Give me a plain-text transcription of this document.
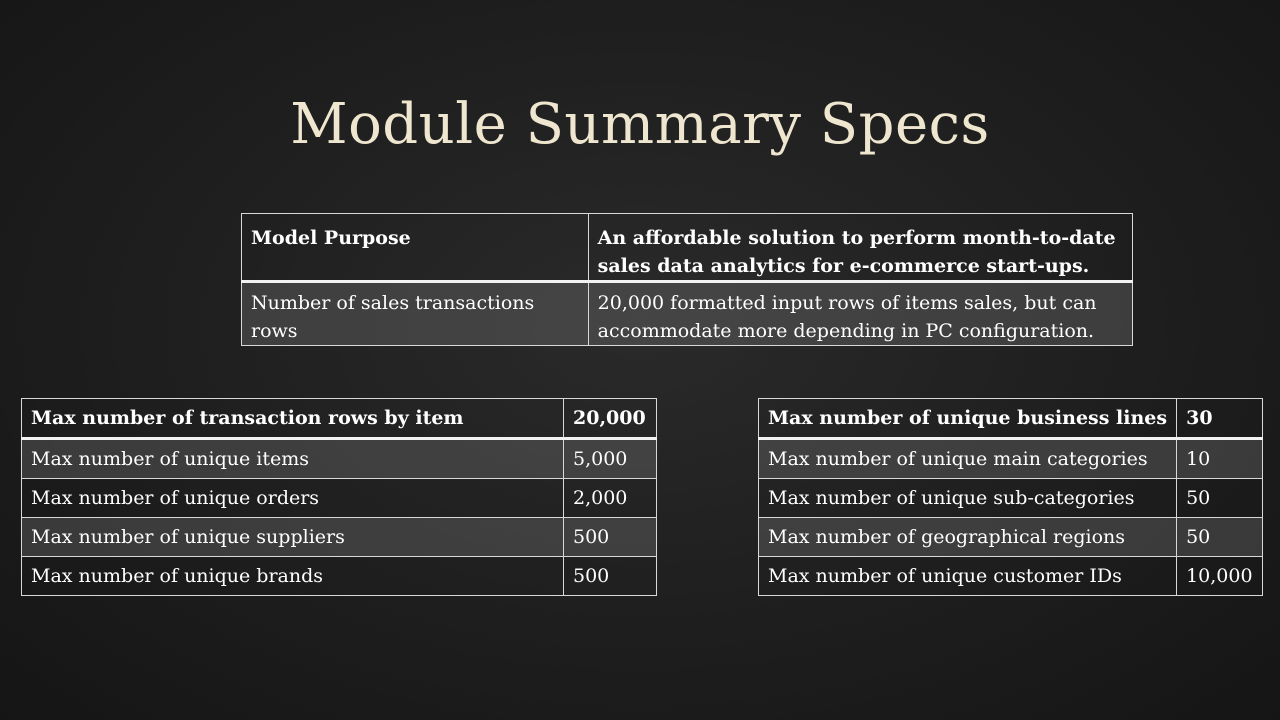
Module Summary Specs
Model Purpose	An affordable solution to perform month-to-date sales data analytics for e-commerce start-ups.
Number of sales transactions rows	20,000 formatted input rows of items sales, but can accommodate more depending in PC configuration.
Max number of transaction rows by item	20,000
Max number of unique items	5,000
Max number of unique orders	2,000
Max number of unique suppliers	500
Max number of unique brands	500
Max number of unique business lines	30
Max number of unique main categories	10
Max number of unique sub-categories	50
Max number of geographical regions	50
Max number of unique customer IDs	10,000
